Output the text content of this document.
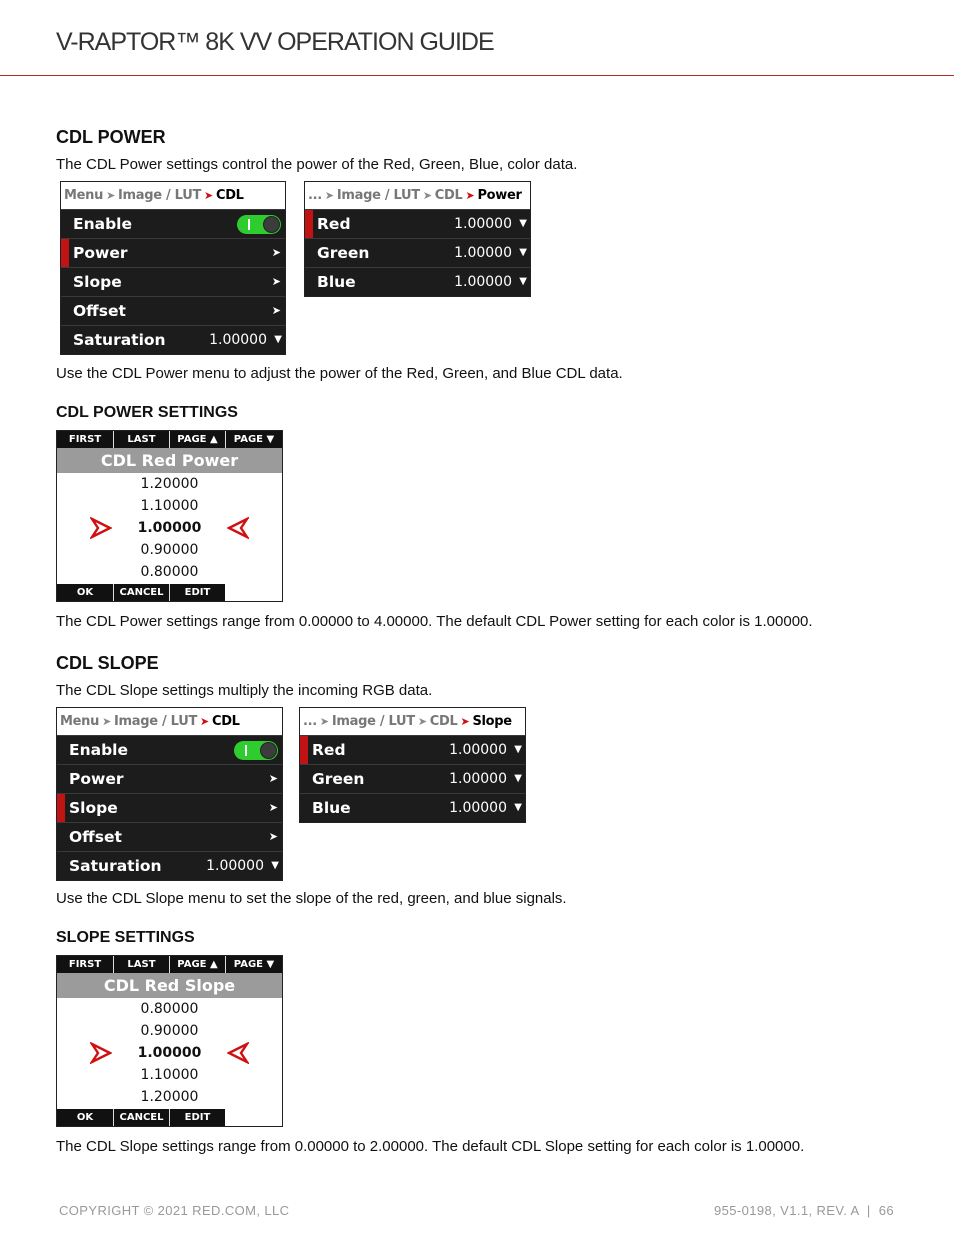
V-RAPTOR™ 8K VV OPERATION GUIDE
CDL POWER
The CDL Power settings control the power of the Red, Green, Blue, color data.
Menu ➤ Image / LUT ➤ CDL
Enable
Power	➤
Slope	➤
Offset	➤
Saturation	1.00000 ▼
... ➤ Image / LUT ➤ CDL ➤ Power
Red	1.00000 ▼
Green	1.00000 ▼
Blue	1.00000 ▼
Use the CDL Power menu to adjust the power of the Red, Green, and Blue CDL data.
CDL POWER SETTINGS
FIRST	LAST	PAGE ▲	PAGE ▼
CDL Red Power
1.20000
1.10000
1.00000
0.90000
0.80000
OK	CANCEL	EDIT
The CDL Power settings range from 0.00000 to 4.00000. The default CDL Power setting for each color is 1.00000.
CDL SLOPE
The CDL Slope settings multiply the incoming RGB data.
Menu ➤ Image / LUT ➤ CDL
Enable
Power	➤
Slope	➤
Offset	➤
Saturation	1.00000 ▼
... ➤ Image / LUT ➤ CDL ➤ Slope
Red	1.00000 ▼
Green	1.00000 ▼
Blue	1.00000 ▼
Use the CDL Slope menu to set the slope of the red, green, and blue signals.
SLOPE SETTINGS
FIRST	LAST	PAGE ▲	PAGE ▼
CDL Red Slope
0.80000
0.90000
1.00000
1.10000
1.20000
OK	CANCEL	EDIT
The CDL Slope settings range from 0.00000 to 2.00000. The default CDL Slope setting for each color is 1.00000.
COPYRIGHT © 2021 RED.COM, LLC	955-0198, V1.1, REV. A  |  66
